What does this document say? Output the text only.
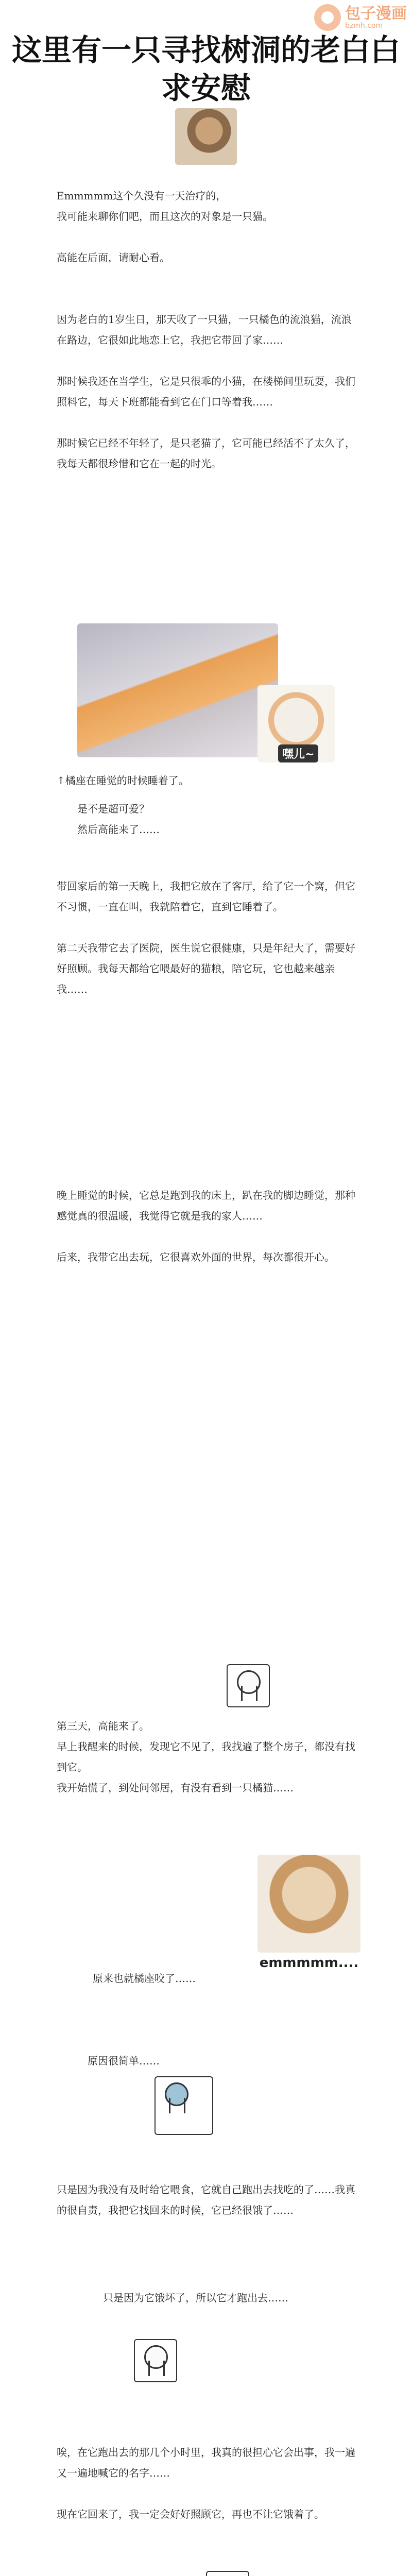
包子漫画
bzmh.com
这里有一只寻找树洞的老白白
求安慰
Emmmmm这个久没有一天治疗的，
我可能来聊你们吧，而且这次的对象是一只猫。

高能在后面，请耐心看。
因为老白的1岁生日，那天收了一只猫，一只橘色的流浪猫，流浪在路边，它很如此地恋上它，我把它带回了家……

那时候我还在当学生，它是只很乖的小猫，在楼梯间里玩耍，我们照料它，每天下班都能看到它在门口等着我……

那时候它已经不年轻了，是只老猫了，它可能已经活不了太久了，我每天都很珍惜和它在一起的时光。
嘿儿~
↑橘座在睡觉的时候睡着了。
是不是超可爱？
然后高能来了……
带回家后的第一天晚上，我把它放在了客厅，给了它一个窝，但它不习惯，一直在叫，我就陪着它，直到它睡着了。

第二天我带它去了医院，医生说它很健康，只是年纪大了，需要好好照顾。我每天都给它喂最好的猫粮，陪它玩，它也越来越亲我……
晚上睡觉的时候，它总是跑到我的床上，趴在我的脚边睡觉，那种感觉真的很温暖，我觉得它就是我的家人……

后来，我带它出去玩，它很喜欢外面的世界，每次都很开心。
第三天，高能来了。
早上我醒来的时候，发现它不见了，我找遍了整个房子，都没有找到它。
我开始慌了，到处问邻居，有没有看到一只橘猫……
emmmmm....
原来也就橘座咬了……
原因很简单……
只是因为我没有及时给它喂食，它就自己跑出去找吃的了……我真的很自责，我把它找回来的时候，它已经很饿了……
只是因为它饿坏了，所以它才跑出去……
唉，在它跑出去的那几个小时里，我真的很担心它会出事，我一遍又一遍地喊它的名字……

现在它回来了，我一定会好好照顾它，再也不让它饿着了。
